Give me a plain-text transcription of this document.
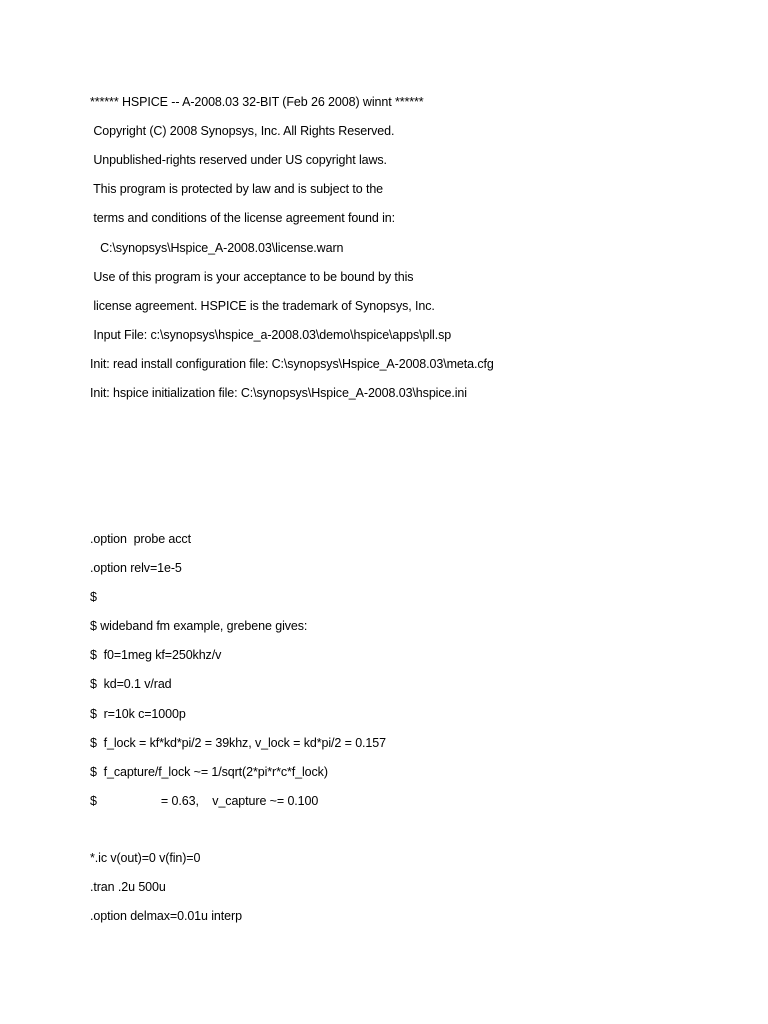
****** HSPICE -- A-2008.03 32-BIT (Feb 26 2008) winnt ******
Copyright (C) 2008 Synopsys, Inc. All Rights Reserved.
Unpublished-rights reserved under US copyright laws.
This program is protected by law and is subject to the
terms and conditions of the license agreement found in:
C:\synopsys\Hspice_A-2008.03\license.warn
Use of this program is your acceptance to be bound by this
license agreement. HSPICE is the trademark of Synopsys, Inc.
Input File: c:\synopsys\hspice_a-2008.03\demo\hspice\apps\pll.sp
Init: read install configuration file: C:\synopsys\Hspice_A-2008.03\meta.cfg
Init: hspice initialization file: C:\synopsys\Hspice_A-2008.03\hspice.ini
.option  probe acct
.option relv=1e-5
$
$ wideband fm example, grebene gives:
$  f0=1meg kf=250khz/v
$  kd=0.1 v/rad
$  r=10k c=1000p
$  f_lock = kf*kd*pi/2 = 39khz, v_lock = kd*pi/2 = 0.157
$  f_capture/f_lock ~= 1/sqrt(2*pi*r*c*f_lock)
$                   = 0.63,    v_capture ~= 0.100
*.ic v(out)=0 v(fin)=0
.tran .2u 500u
.option delmax=0.01u interp
